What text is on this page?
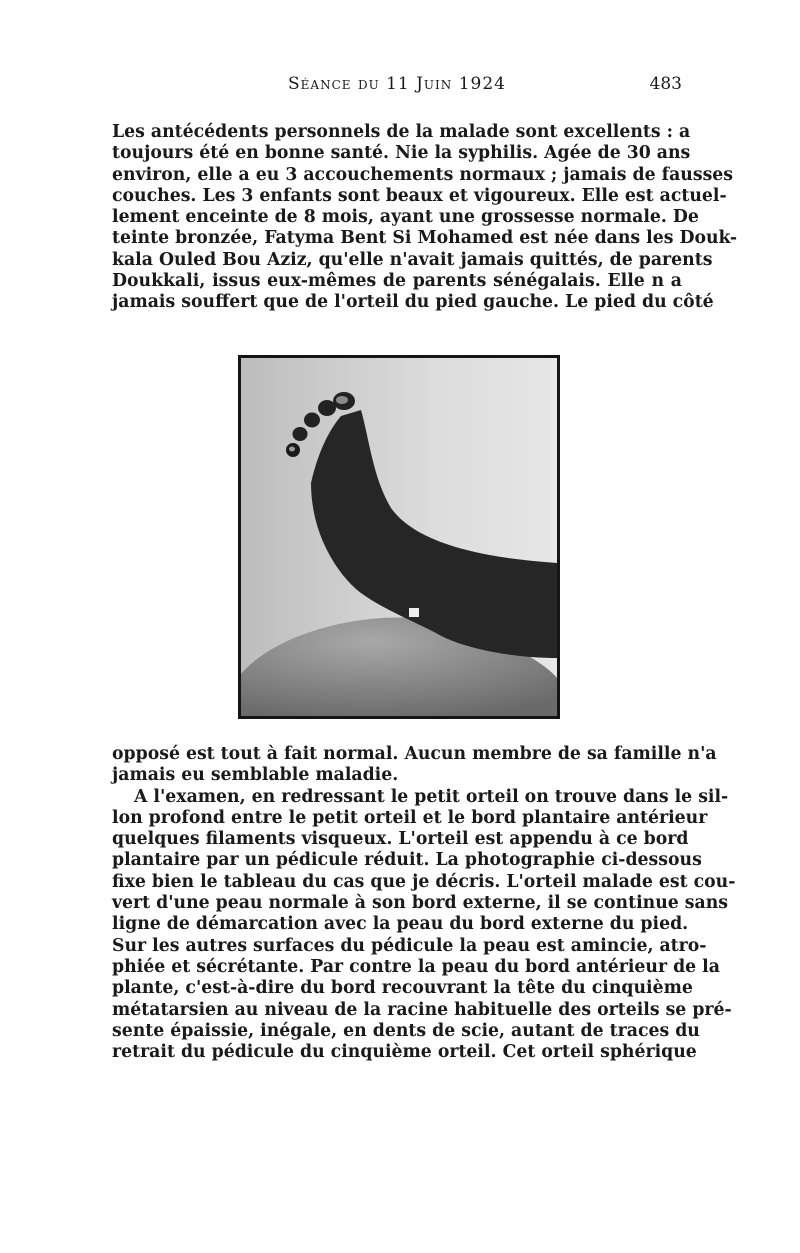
Séance du 11 Juin 1924	483
Les antécédents personnels de la malade sont excellents : a
toujours été en bonne santé. Nie la syphilis. Agée de 30 ans
environ, elle a eu 3 accouchements normaux ; jamais de fausses
couches. Les 3 enfants sont beaux et vigoureux. Elle est actuel-
lement enceinte de 8 mois, ayant une grossesse normale. De
teinte bronzée, Fatyma Bent Si Mohamed est née dans les Douk-
kala Ouled Bou Aziz, qu'elle n'avait jamais quittés, de parents
Doukkali, issus eux-mêmes de parents sénégalais. Elle n a
jamais souffert que de l'orteil du pied gauche. Le pied du côté
opposé est tout à fait normal. Aucun membre de sa famille n'a
jamais eu semblable maladie.
A l'examen, en redressant le petit orteil on trouve dans le sil-
lon profond entre le petit orteil et le bord plantaire antérieur
quelques filaments visqueux. L'orteil est appendu à ce bord
plantaire par un pédicule réduit. La photographie ci-dessous
fixe bien le tableau du cas que je décris. L'orteil malade est cou-
vert d'une peau normale à son bord externe, il se continue sans
ligne de démarcation avec la peau du bord externe du pied.
Sur les autres surfaces du pédicule la peau est amincie, atro-
phiée et sécrétante. Par contre la peau du bord antérieur de la
plante, c'est-à-dire du bord recouvrant la tête du cinquième
métatarsien au niveau de la racine habituelle des orteils se pré-
sente épaissie, inégale, en dents de scie, autant de traces du
retrait du pédicule du cinquième orteil. Cet orteil sphérique
